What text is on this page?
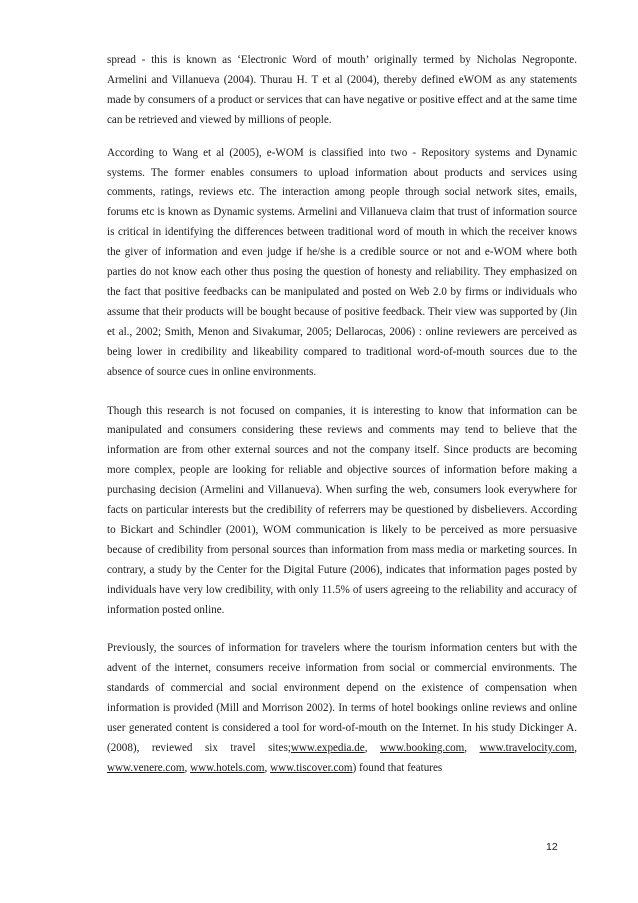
spread - this is known as ‘Electronic Word of mouth’ originally termed by Nicholas Negroponte. Armelini and Villanueva (2004). Thurau H. T et al (2004), thereby defined eWOM as any statements made by consumers of a product or services that can have negative or positive effect and at the same time can be retrieved and viewed by millions of people.

According to Wang et al (2005), e-WOM is classified into two - Repository systems and Dynamic systems. The former enables consumers to upload information about products and services using comments, ratings, reviews etc. The interaction among people through social network sites, emails, forums etc is known as Dynamic systems. Armelini and Villanueva claim that trust of information source is critical in identifying the differences between traditional word of mouth in which the receiver knows the giver of information and even judge if he/she is a credible source or not and e-WOM where both parties do not know each other thus posing the question of honesty and reliability. They emphasized on the fact that positive feedbacks can be manipulated and posted on Web 2.0 by firms or individuals who assume that their products will be bought because of positive feedback. Their view was supported by (Jin et al., 2002; Smith, Menon and Sivakumar, 2005; Dellarocas, 2006) : online reviewers are perceived as being lower in credibility and likeability compared to traditional word-of-mouth sources due to the absence of source cues in online environments.

Though this research is not focused on companies, it is interesting to know that information can be manipulated and consumers considering these reviews and comments may tend to believe that the information are from other external sources and not the company itself. Since products are becoming more complex, people are looking for reliable and objective sources of information before making a purchasing decision (Armelini and Villanueva). When surfing the web, consumers look everywhere for facts on particular interests but the credibility of referrers may be questioned by disbelievers. According to Bickart and Schindler (2001), WOM communication is likely to be perceived as more persuasive because of credibility from personal sources than information from mass media or marketing sources. In contrary, a study by the Center for the Digital Future (2006), indicates that information pages posted by individuals have very low credibility, with only 11.5% of users agreeing to the reliability and accuracy of information posted online.

Previously, the sources of information for travelers where the tourism information centers but with the advent of the internet, consumers receive information from social or commercial environments. The standards of commercial and social environment depend on the existence of compensation when information is provided (Mill and Morrison 2002). In terms of hotel bookings online reviews and online user generated content is considered a tool for word-of-mouth on the Internet. In his study Dickinger A. (2008), reviewed six travel sites;www.expedia.de, www.booking.com, www.travelocity.com, www.venere.com, www.hotels.com, www.tiscover.com) found that features

12
